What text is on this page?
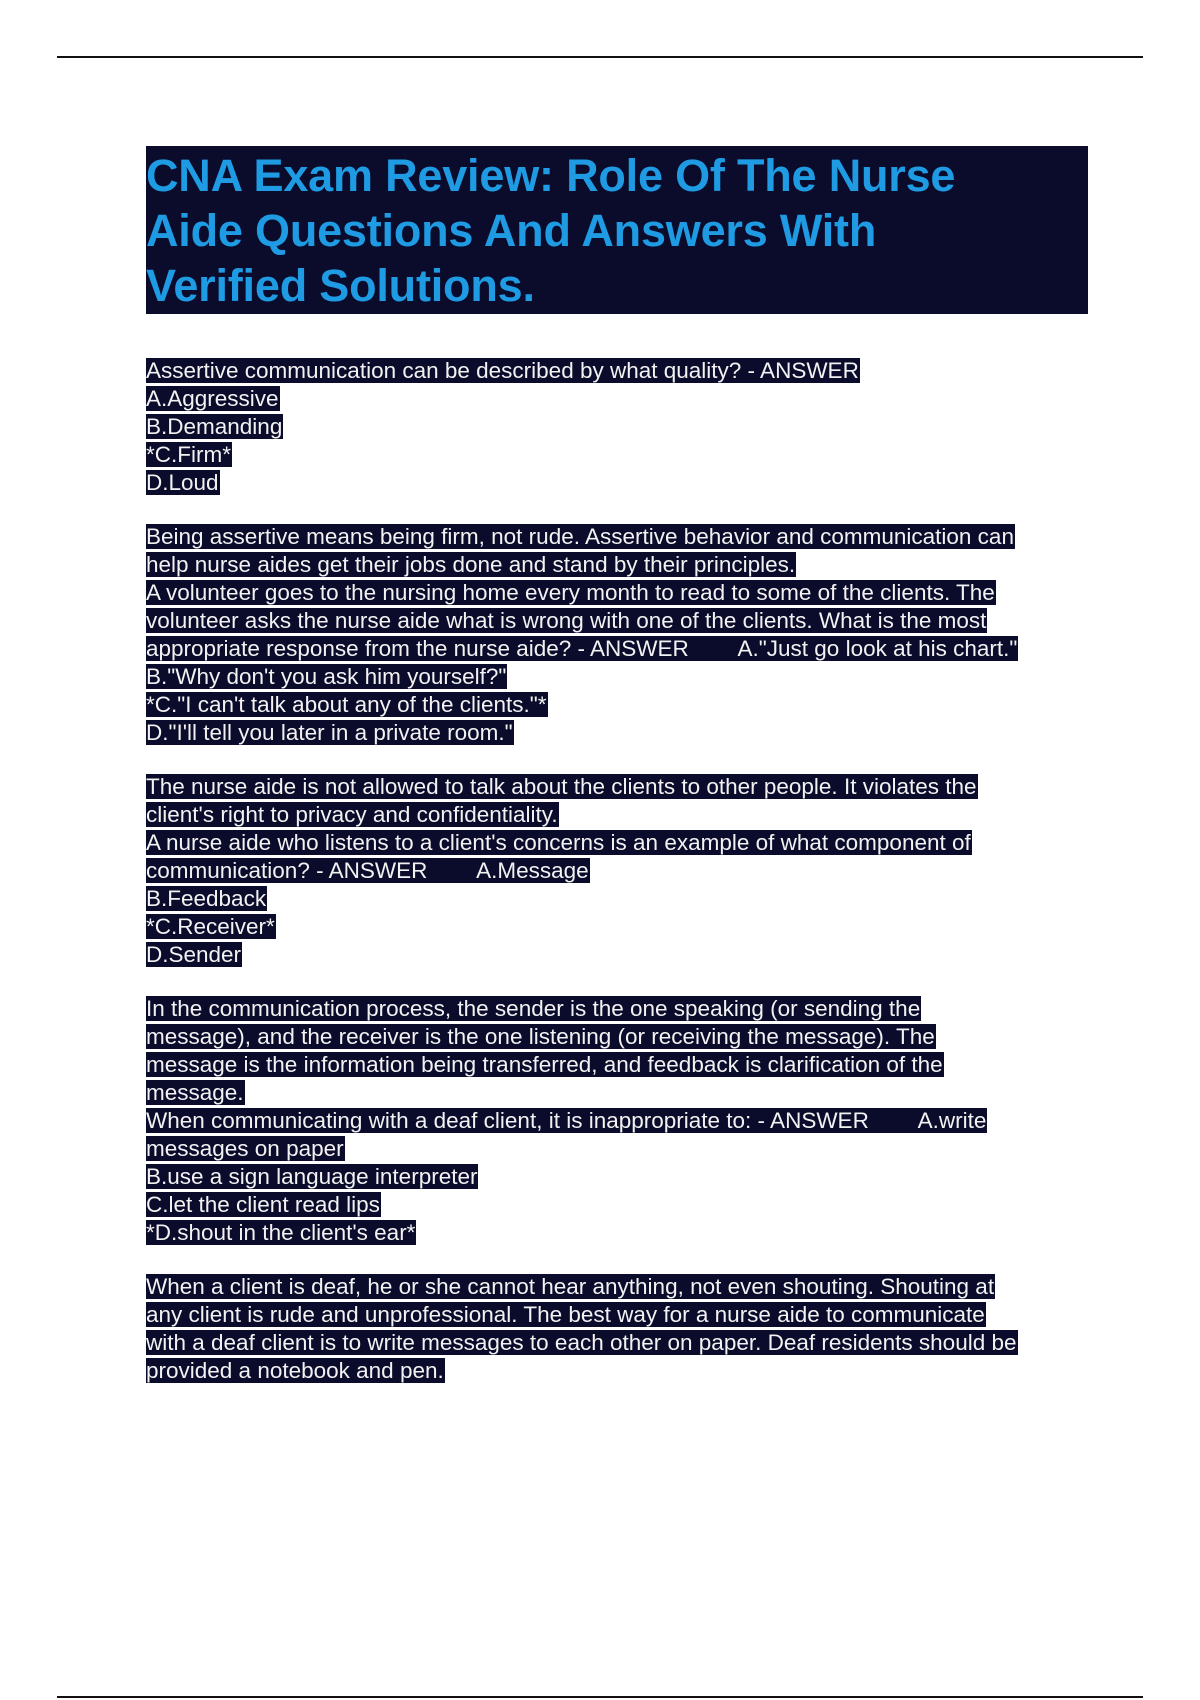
CNA Exam Review: Role Of The Nurse
Aide Questions And Answers With
Verified Solutions.
Assertive communication can be described by what quality? - ANSWER
A.Aggressive
B.Demanding
*C.Firm*
D.Loud
Being assertive means being firm, not rude. Assertive behavior and communication can
help nurse aides get their jobs done and stand by their principles.
A volunteer goes to the nursing home every month to read to some of the clients. The
volunteer asks the nurse aide what is wrong with one of the clients. What is the most
appropriate response from the nurse aide? - ANSWER        A."Just go look at his chart."
B."Why don't you ask him yourself?"
*C."I can't talk about any of the clients."*
D."I'll tell you later in a private room."
The nurse aide is not allowed to talk about the clients to other people. It violates the
client's right to privacy and confidentiality.
A nurse aide who listens to a client's concerns is an example of what component of
communication? - ANSWER        A.Message
B.Feedback
*C.Receiver*
D.Sender
In the communication process, the sender is the one speaking (or sending the
message), and the receiver is the one listening (or receiving the message). The
message is the information being transferred, and feedback is clarification of the
message.
When communicating with a deaf client, it is inappropriate to: - ANSWER        A.write
messages on paper
B.use a sign language interpreter
C.let the client read lips
*D.shout in the client's ear*
When a client is deaf, he or she cannot hear anything, not even shouting. Shouting at
any client is rude and unprofessional. The best way for a nurse aide to communicate
with a deaf client is to write messages to each other on paper. Deaf residents should be
provided a notebook and pen.
